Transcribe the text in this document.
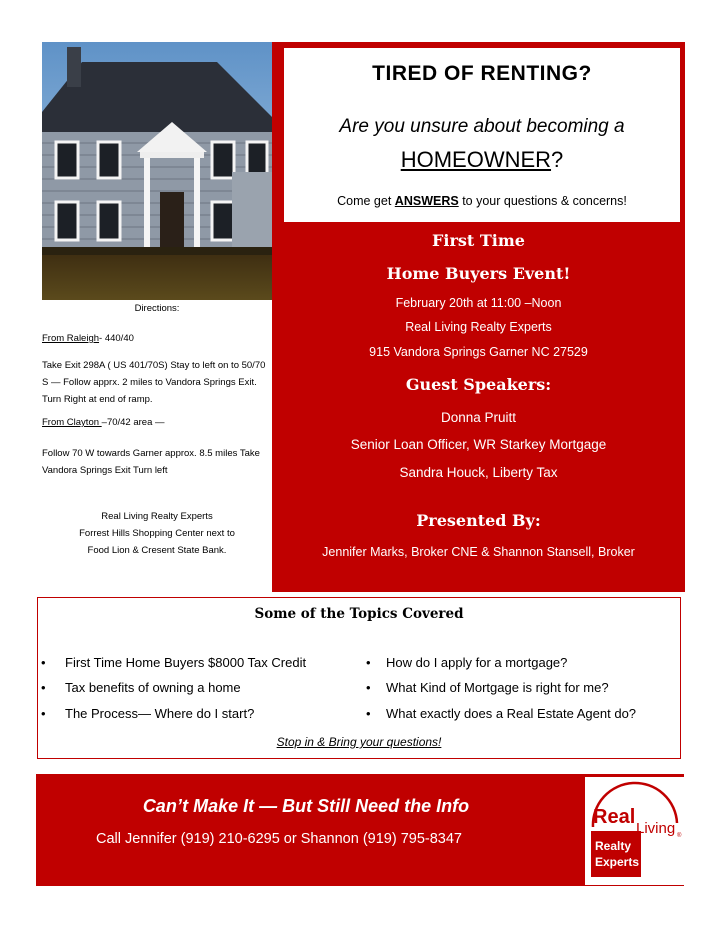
TIRED OF RENTING?
Are you unsure about becoming a
HOMEOWNER?
Come get ANSWERS to your questions & concerns!
First Time
Home Buyers Event!
February 20th at 11:00 –Noon
Real Living Realty Experts
915 Vandora Springs Garner NC 27529
Guest Speakers:
Donna Pruitt
Senior Loan Officer, WR Starkey Mortgage
Sandra Houck, Liberty Tax
Presented By:
Jennifer Marks, Broker CNE & Shannon Stansell, Broker
Directions:
From Raleigh- 440/40
Take Exit 298A ( US 401/70S) Stay to left on to 50/70 S — Follow apprx. 2 miles to Vandora Springs Exit. Turn Right at end of ramp.
From Clayton –70/42 area —
Follow 70 W towards Garner approx. 8.5 miles Take Vandora Springs Exit Turn left
Real Living Realty Experts
Forrest Hills Shopping Center next to
Food Lion & Cresent State Bank.
Some of the Topics Covered
• First Time Home Buyers $8000 Tax Credit
• Tax benefits of owning a home
• The Process— Where do I start?
• How do I apply for a mortgage?
• What Kind of Mortgage is right for me?
• What exactly does a Real Estate Agent do?
Stop in & Bring your questions!
Can’t Make It — But Still Need the Info
Call Jennifer (919) 210-6295 or Shannon (919) 795-8347
Real
Living ®
Realty
Experts
